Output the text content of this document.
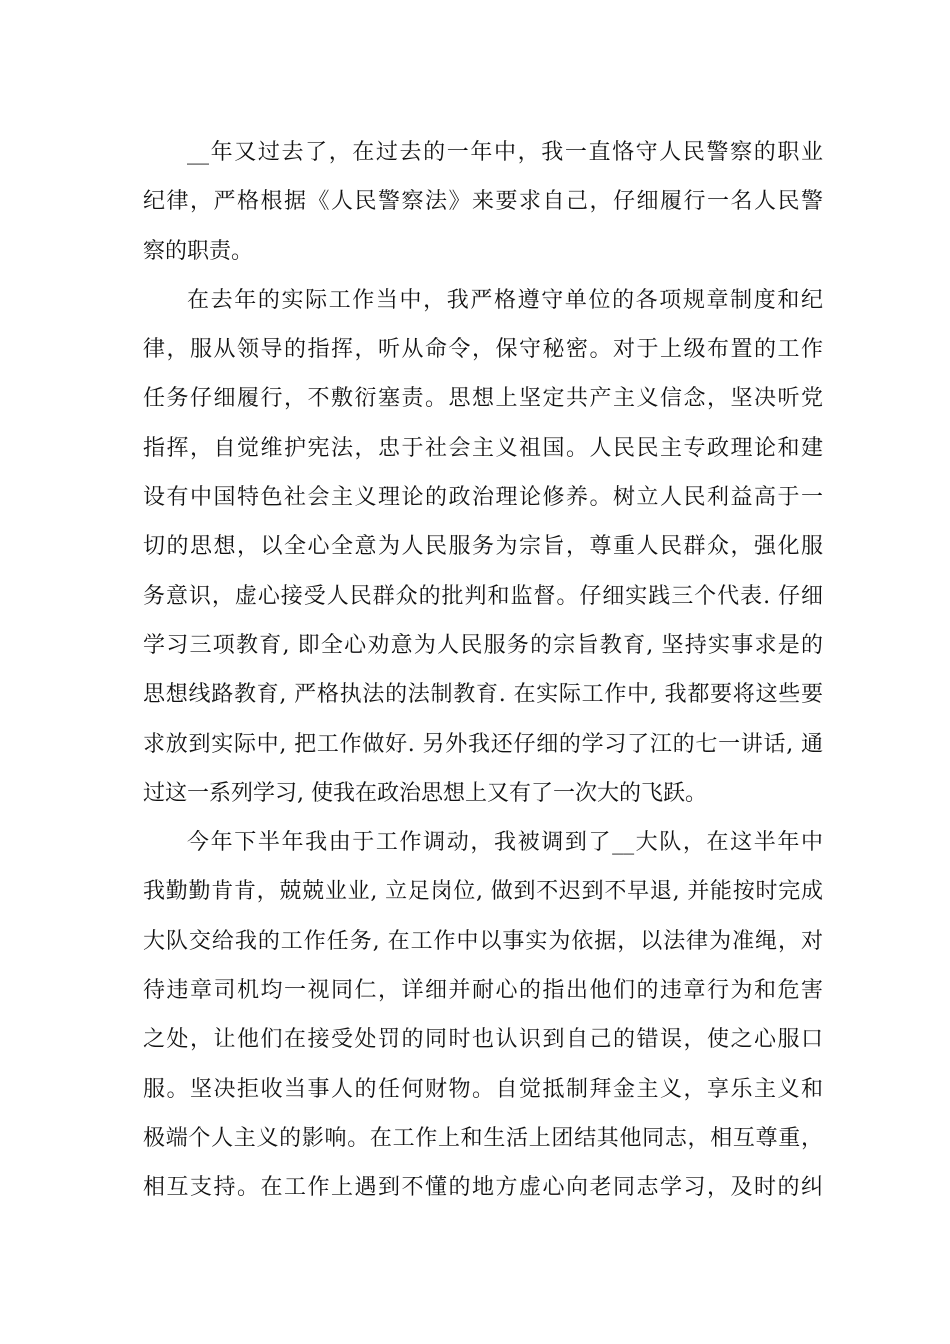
__年又过去了，在过去的一年中，我一直恪守人民警察的职业
纪律，严格根据《人民警察法》来要求自己，仔细履行一名人民警
察的职责。
在去年的实际工作当中，我严格遵守单位的各项规章制度和纪
律，服从领导的指挥，听从命令，保守秘密。对于上级布置的工作
任务仔细履行，不敷衍塞责。思想上坚定共产主义信念，坚决听党
指挥，自觉维护宪法，忠于社会主义祖国。人民民主专政理论和建
设有中国特色社会主义理论的政治理论修养。树立人民利益高于一
切的思想，以全心全意为人民服务为宗旨，尊重人民群众，强化服
务意识，虚心接受人民群众的批判和监督。仔细实践三个代表. 仔细
学习三项教育, 即全心劝意为人民服务的宗旨教育, 坚持实事求是的
思想线路教育, 严格执法的法制教育. 在实际工作中, 我都要将这些要
求放到实际中, 把工作做好. 另外我还仔细的学习了江的七一讲话, 通
过这一系列学习, 使我在政治思想上又有了一次大的飞跃。
今年下半年我由于工作调动，我被调到了__大队，在这半年中
我勤勤肯肯，兢兢业业, 立足岗位, 做到不迟到不早退, 并能按时完成
大队交给我的工作任务, 在工作中以事实为依据，以法律为准绳，对
待违章司机均一视同仁，详细并耐心的指出他们的违章行为和危害
之处，让他们在接受处罚的同时也认识到自己的错误，使之心服口
服。坚决拒收当事人的任何财物。自觉抵制拜金主义，享乐主义和
极端个人主义的影响。在工作上和生活上团结其他同志，相互尊重，
相互支持。在工作上遇到不懂的地方虚心向老同志学习，及时的纠
